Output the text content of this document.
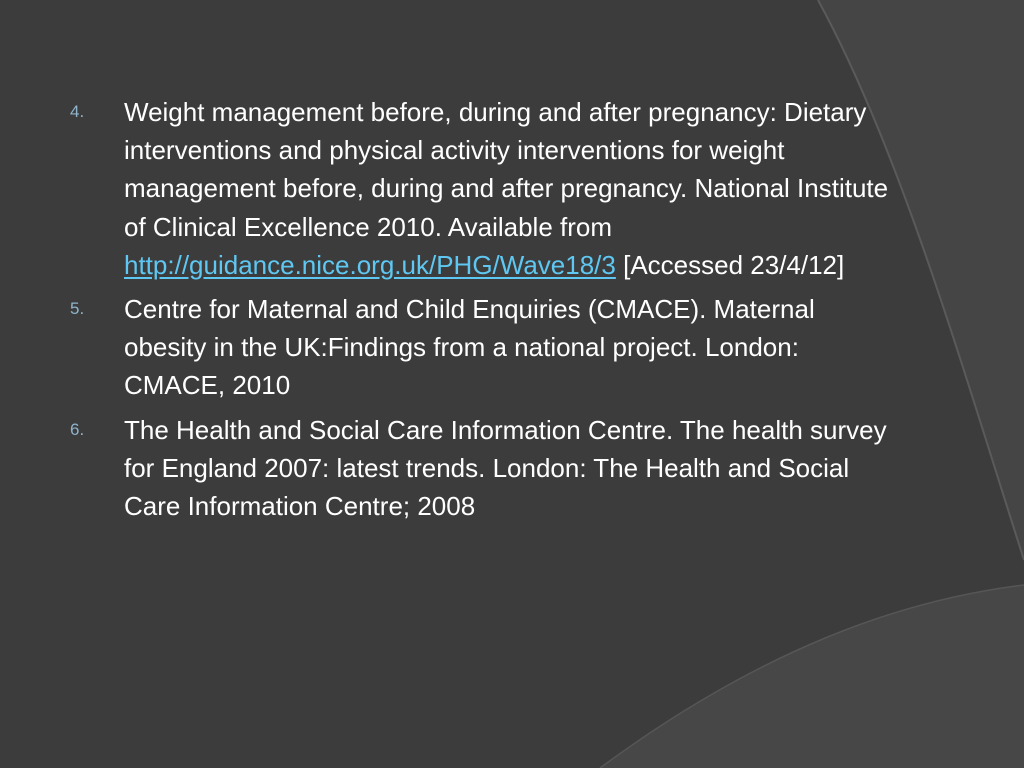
4. Weight management before, during and after pregnancy: Dietary interventions and physical activity interventions for weight management before, during and after pregnancy. National Institute of Clinical Excellence 2010. Available from http://guidance.nice.org.uk/PHG/Wave18/3 [Accessed 23/4/12]
5. Centre for Maternal and Child Enquiries (CMACE). Maternal obesity in the UK:Findings from a national project. London: CMACE, 2010
6. The Health and Social Care Information Centre. The health survey for England 2007: latest trends. London: The Health and Social Care Information Centre; 2008
